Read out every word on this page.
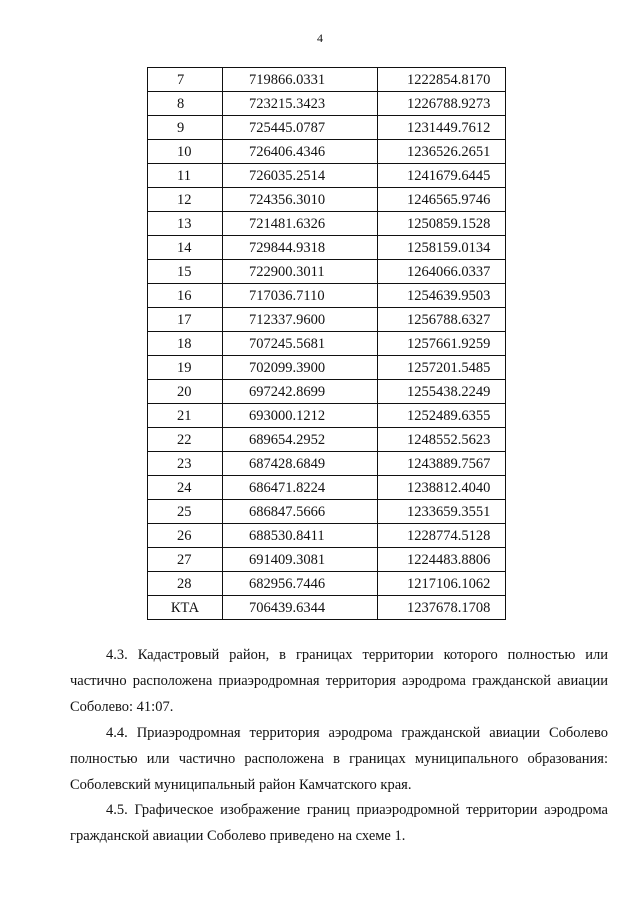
4
7	719866.0331	1222854.8170
8	723215.3423	1226788.9273
9	725445.0787	1231449.7612
10	726406.4346	1236526.2651
11	726035.2514	1241679.6445
12	724356.3010	1246565.9746
13	721481.6326	1250859.1528
14	729844.9318	1258159.0134
15	722900.3011	1264066.0337
16	717036.7110	1254639.9503
17	712337.9600	1256788.6327
18	707245.5681	1257661.9259
19	702099.3900	1257201.5485
20	697242.8699	1255438.2249
21	693000.1212	1252489.6355
22	689654.2952	1248552.5623
23	687428.6849	1243889.7567
24	686471.8224	1238812.4040
25	686847.5666	1233659.3551
26	688530.8411	1228774.5128
27	691409.3081	1224483.8806
28	682956.7446	1217106.1062
КТА	706439.6344	1237678.1708

4.3. Кадастровый район, в границах территории которого полностью или частично расположена приаэродромная территория аэродрома гражданской авиации Соболево: 41:07.

4.4. Приаэродромная территория аэродрома гражданской авиации Соболево полностью или частично расположена в границах муниципального образования: Соболевский муниципальный район Камчатского края.

4.5. Графическое изображение границ приаэродромной территории аэродрома гражданской авиации Соболево приведено на схеме 1.
